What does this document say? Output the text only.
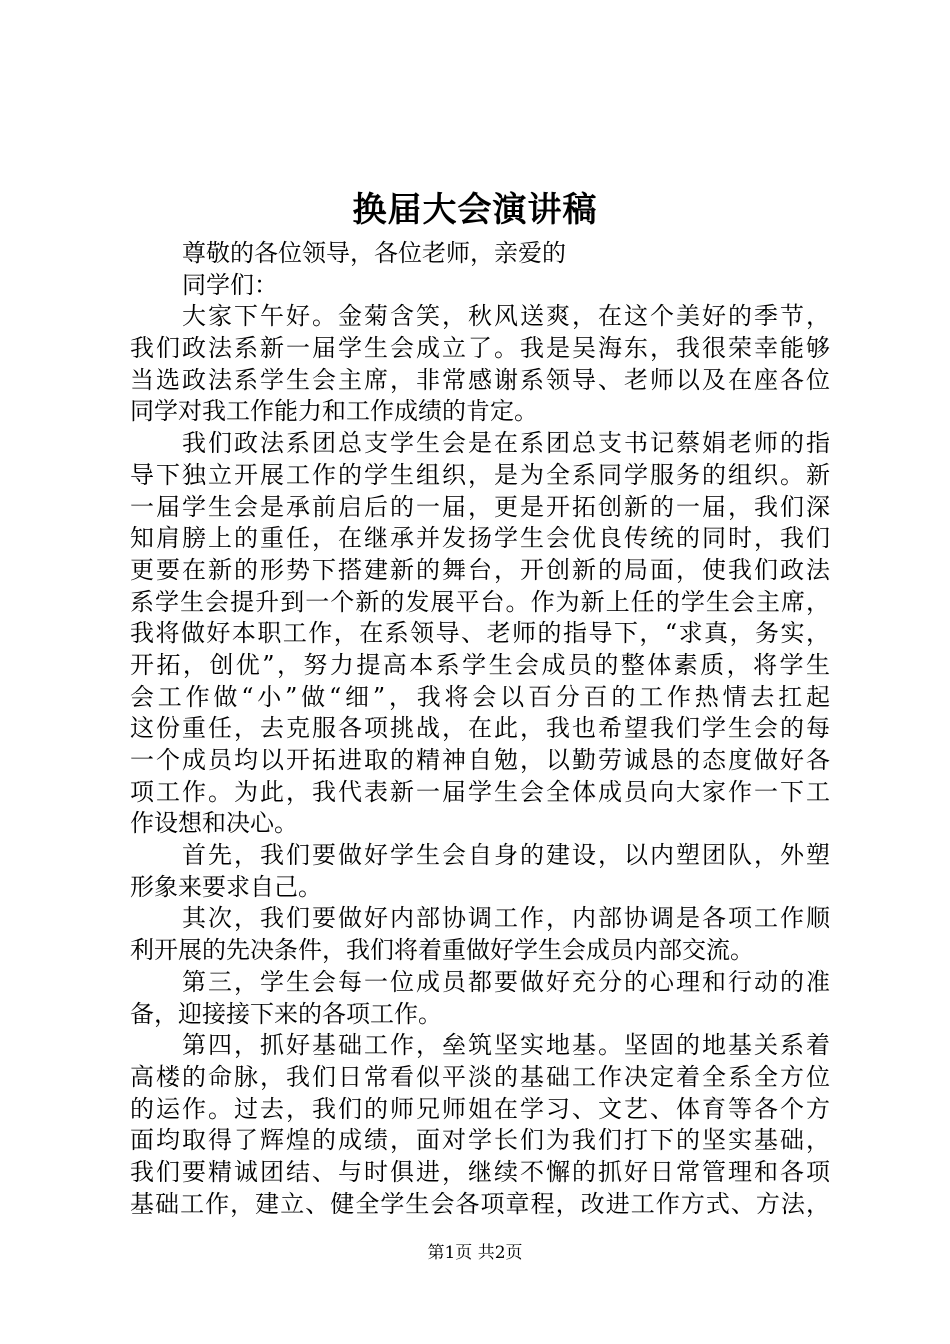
换届大会演讲稿
尊敬的各位领导，各位老师，亲爱的
同学们：
大家下午好。金菊含笑，秋风送爽，在这个美好的季节，
我们政法系新一届学生会成立了。我是吴海东，我很荣幸能够
当选政法系学生会主席，非常感谢系领导、老师以及在座各位
同学对我工作能力和工作成绩的肯定。
我们政法系团总支学生会是在系团总支书记蔡娟老师的指
导下独立开展工作的学生组织，是为全系同学服务的组织。新
一届学生会是承前启后的一届，更是开拓创新的一届，我们深
知肩膀上的重任，在继承并发扬学生会优良传统的同时，我们
更要在新的形势下搭建新的舞台，开创新的局面，使我们政法
系学生会提升到一个新的发展平台。作为新上任的学生会主席，
我将做好本职工作，在系领导、老师的指导下，“求真，务实，
开拓，创优”，努力提高本系学生会成员的整体素质，将学生
会工作做“小”做“细”，我将会以百分百的工作热情去扛起
这份重任，去克服各项挑战，在此，我也希望我们学生会的每
一个成员均以开拓进取的精神自勉，以勤劳诚恳的态度做好各
项工作。为此，我代表新一届学生会全体成员向大家作一下工
作设想和决心。
首先，我们要做好学生会自身的建设，以内塑团队，外塑
形象来要求自己。
其次，我们要做好内部协调工作，内部协调是各项工作顺
利开展的先决条件，我们将着重做好学生会成员内部交流。
第三，学生会每一位成员都要做好充分的心理和行动的准
备，迎接接下来的各项工作。
第四，抓好基础工作，垒筑坚实地基。坚固的地基关系着
高楼的命脉，我们日常看似平淡的基础工作决定着全系全方位
的运作。过去，我们的师兄师姐在学习、文艺、体育等各个方
面均取得了辉煌的成绩，面对学长们为我们打下的坚实基础，
我们要精诚团结、与时俱进，继续不懈的抓好日常管理和各项
基础工作，建立、健全学生会各项章程，改进工作方式、方法，
第1页 共2页
